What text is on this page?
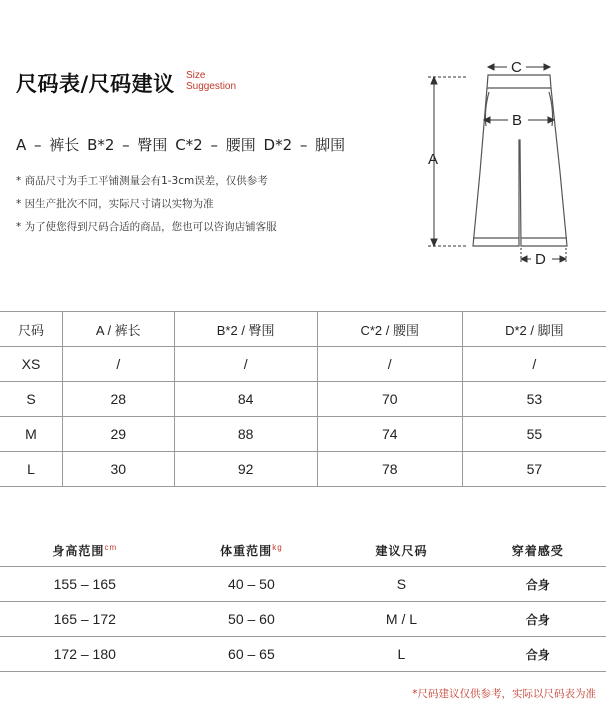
尺码表/尺码建议 Size
Suggestion
A – 裤长 B*2 – 臀围 C*2 – 腰围 D*2 – 脚围
* 商品尺寸为手工平铺测量会有1-3cm误差，仅供参考
* 因生产批次不同，实际尺寸请以实物为准
* 为了使您得到尺码合适的商品，您也可以咨询店铺客服
A
C
B
D
尺码	A / 裤长	B*2 / 臀围	C*2 / 腰围	D*2 / 脚围
XS	/	/	/	/
S	28	84	70	53
M	29	88	74	55
L	30	92	78	57
身高范围$^{cm}$	体重范围$^{kg}$	建议尺码	穿着感受
155 – 165	40 – 50	S	合身
165 – 172	50 – 60	M / L	合身
172 – 180	60 – 65	L	合身
*尺码建议仅供参考，实际以尺码表为准
